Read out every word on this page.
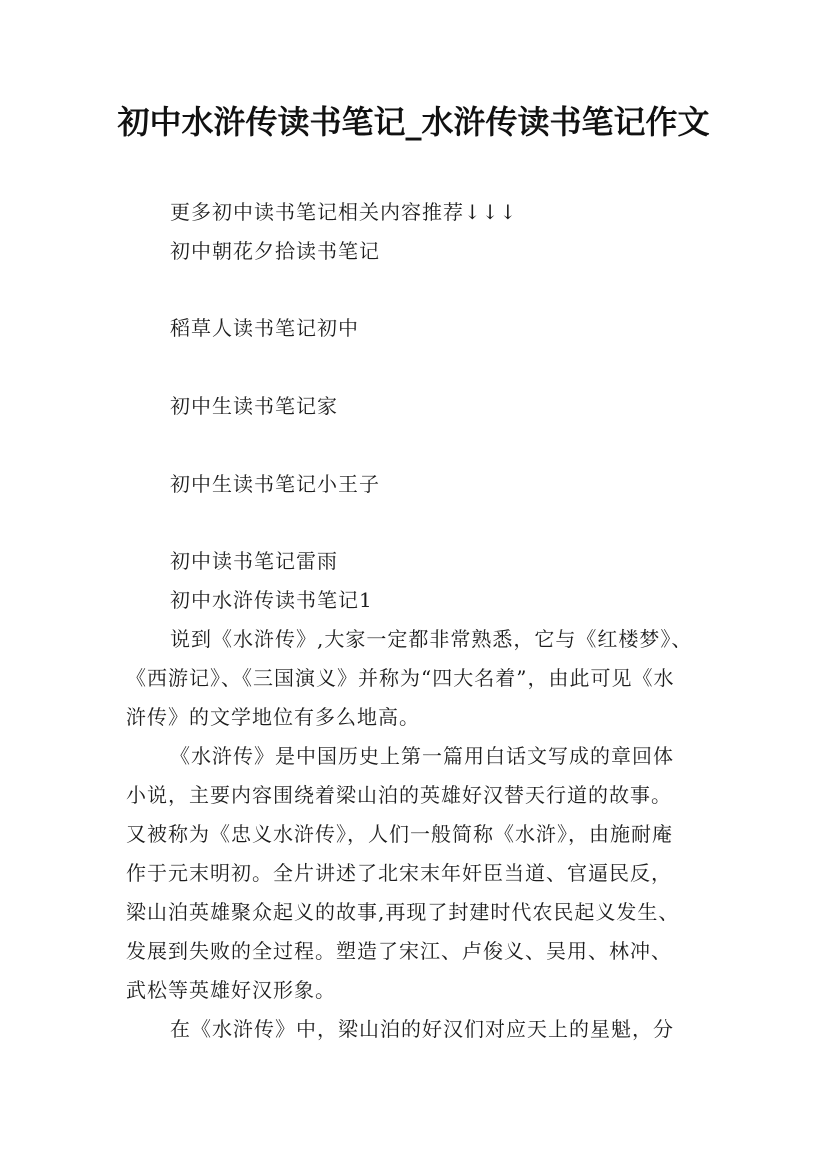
初中水浒传读书笔记_水浒传读书笔记作文
更多初中读书笔记相关内容推荐↓↓↓
初中朝花夕拾读书笔记
稻草人读书笔记初中
初中生读书笔记家
初中生读书笔记小王子
初中读书笔记雷雨
初中水浒传读书笔记1
说到《水浒传》,大家一定都非常熟悉，它与《红楼梦》、
《西游记》、《三国演义》并称为“四大名着”，由此可见《水
浒传》的文学地位有多么地高。
《水浒传》是中国历史上第一篇用白话文写成的章回体
小说，主要内容围绕着梁山泊的英雄好汉替天行道的故事。
又被称为《忠义水浒传》，人们一般简称《水浒》，由施耐庵
作于元末明初。全片讲述了北宋末年奸臣当道、官逼民反，
梁山泊英雄聚众起义的故事,再现了封建时代农民起义发生、
发展到失败的全过程。塑造了宋江、卢俊义、吴用、林冲、
武松等英雄好汉形象。
在《水浒传》中，梁山泊的好汉们对应天上的星魁，分
